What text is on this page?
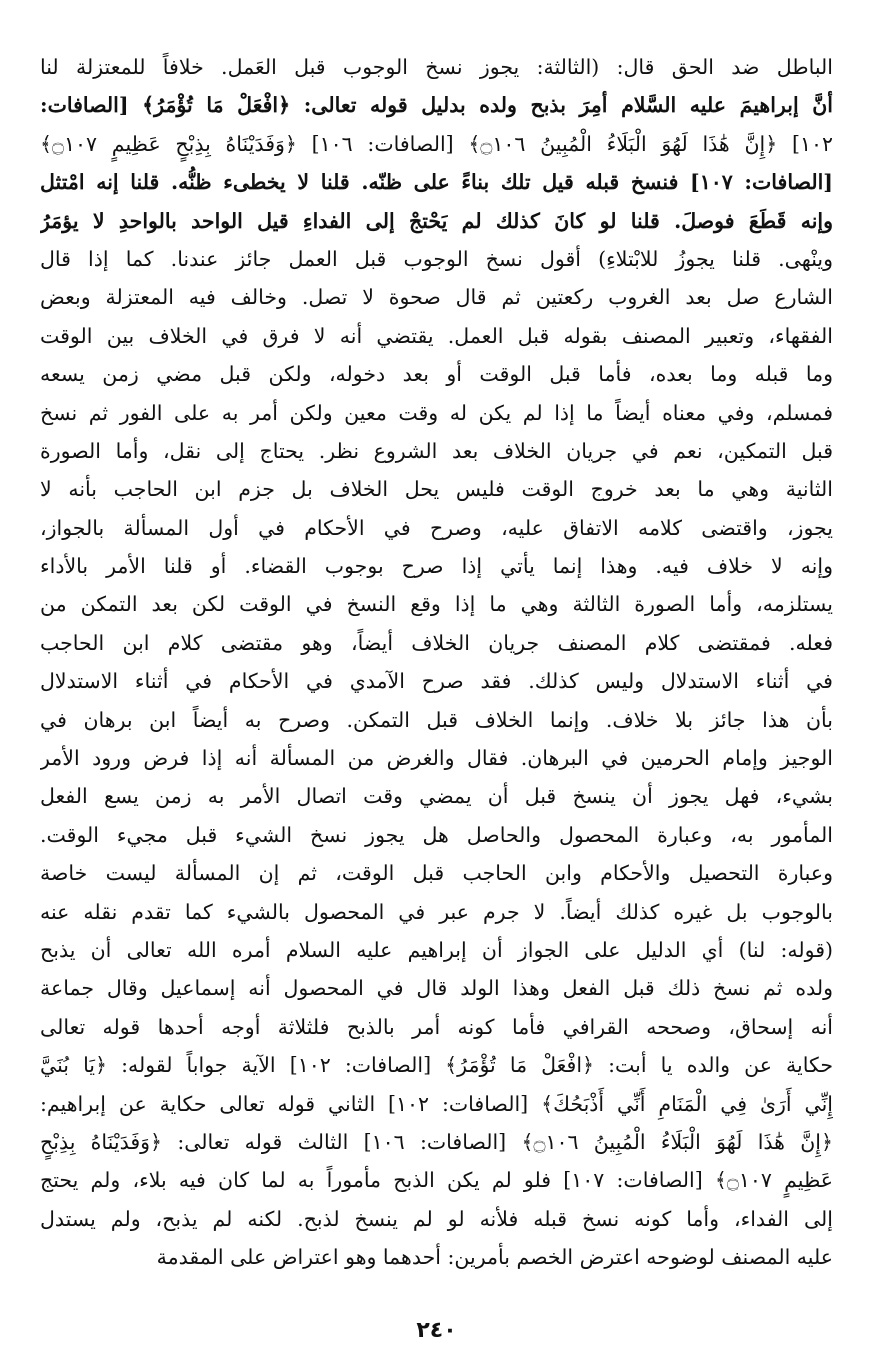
الباطل ضد الحق قال: (الثالثة: يجوز نسخ الوجوب قبل العَمل. خلافاً للمعتزلة لنا
أنَّ إبراهيمَ عليه السَّلام أمِرَ بذبح ولده بدليل قوله تعالى: ﴿افْعَلْ مَا تُؤْمَرُ﴾ [الصافات:
١٠٢] ﴿إِنَّ هَٰذَا لَهُوَ الْبَلَاءُ الْمُبِينُ ۝١٠٦﴾ [الصافات: ١٠٦] ﴿وَفَدَيْنَاهُ بِذِبْحٍ عَظِيمٍ ۝١٠٧﴾
[الصافات: ١٠٧] فنسخ قبله قيل تلك بناءً على ظنّه. قلنا لا يخطىء ظنُّه. قلنا إنه امْتثل
وإنه قَطَعَ فوصلَ. قلنا لو كانَ كذلك لم يَحْتجْ إلى الفداءِ قيل الواحد بالواحدِ لا يؤمَرُ
وينْهى. قلنا يجوزُ للابْتلاءِ) أقول نسخ الوجوب قبل العمل جائز عندنا. كما إذا قال
الشارع صل بعد الغروب ركعتين ثم قال صحوة لا تصل. وخالف فيه المعتزلة وبعض
الفقهاء، وتعبير المصنف بقوله قبل العمل. يقتضي أنه لا فرق في الخلاف بين الوقت
وما قبله وما بعده، فأما قبل الوقت أو بعد دخوله، ولكن قبل مضي زمن يسعه
فمسلم، وفي معناه أيضاً ما إذا لم يكن له وقت معين ولكن أمر به على الفور ثم نسخ
قبل التمكين، نعم في جريان الخلاف بعد الشروع نظر. يحتاج إلى نقل، وأما الصورة
الثانية وهي ما بعد خروج الوقت فليس يحل الخلاف بل جزم ابن الحاجب بأنه لا
يجوز، واقتضى كلامه الاتفاق عليه، وصرح في الأحكام في أول المسألة بالجواز،
وإنه لا خلاف فيه. وهذا إنما يأتي إذا صرح بوجوب القضاء. أو قلنا الأمر بالأداء
يستلزمه، وأما الصورة الثالثة وهي ما إذا وقع النسخ في الوقت لكن بعد التمكن من
فعله. فمقتضى كلام المصنف جريان الخلاف أيضاً، وهو مقتضى كلام ابن الحاجب
في أثناء الاستدلال وليس كذلك. فقد صرح الآمدي في الأحكام في أثناء الاستدلال
بأن هذا جائز بلا خلاف. وإنما الخلاف قبل التمكن. وصرح به أيضاً ابن برهان في
الوجيز وإمام الحرمين في البرهان. فقال والغرض من المسألة أنه إذا فرض ورود الأمر
بشيء، فهل يجوز أن ينسخ قبل أن يمضي وقت اتصال الأمر به زمن يسع الفعل
المأمور به، وعبارة المحصول والحاصل هل يجوز نسخ الشيء قبل مجيء الوقت.
وعبارة التحصيل والأحكام وابن الحاجب قبل الوقت، ثم إن المسألة ليست خاصة
بالوجوب بل غيره كذلك أيضاً. لا جرم عبر في المحصول بالشيء كما تقدم نقله عنه
(قوله: لنا) أي الدليل على الجواز أن إبراهيم عليه السلام أمره الله تعالى أن يذبح
ولده ثم نسخ ذلك قبل الفعل وهذا الولد قال في المحصول أنه إسماعيل وقال جماعة
أنه إسحاق، وصححه القرافي فأما كونه أمر بالذبح فلثلاثة أوجه أحدها قوله تعالى
حكاية عن والده يا أبت: ﴿افْعَلْ مَا تُؤْمَرُ﴾ [الصافات: ١٠٢] الآية جواباً لقوله: ﴿يَا بُنَيَّ
إِنِّي أَرَىٰ فِي الْمَنَامِ أَنِّي أَذْبَحُكَ﴾ [الصافات: ١٠٢] الثاني قوله تعالى حكاية عن إبراهيم:
﴿إِنَّ هَٰذَا لَهُوَ الْبَلَاءُ الْمُبِينُ ۝١٠٦﴾ [الصافات: ١٠٦] الثالث قوله تعالى: ﴿وَفَدَيْنَاهُ بِذِبْحٍ
عَظِيمٍ ۝١٠٧﴾ [الصافات: ١٠٧] فلو لم يكن الذبح مأموراً به لما كان فيه بلاء، ولم يحتج
إلى الفداء، وأما كونه نسخ قبله فلأنه لو لم ينسخ لذبح. لكنه لم يذبح، ولم يستدل
عليه المصنف لوضوحه اعترض الخصم بأمرين: أحدهما وهو اعتراض على المقدمة
٢٤٠
